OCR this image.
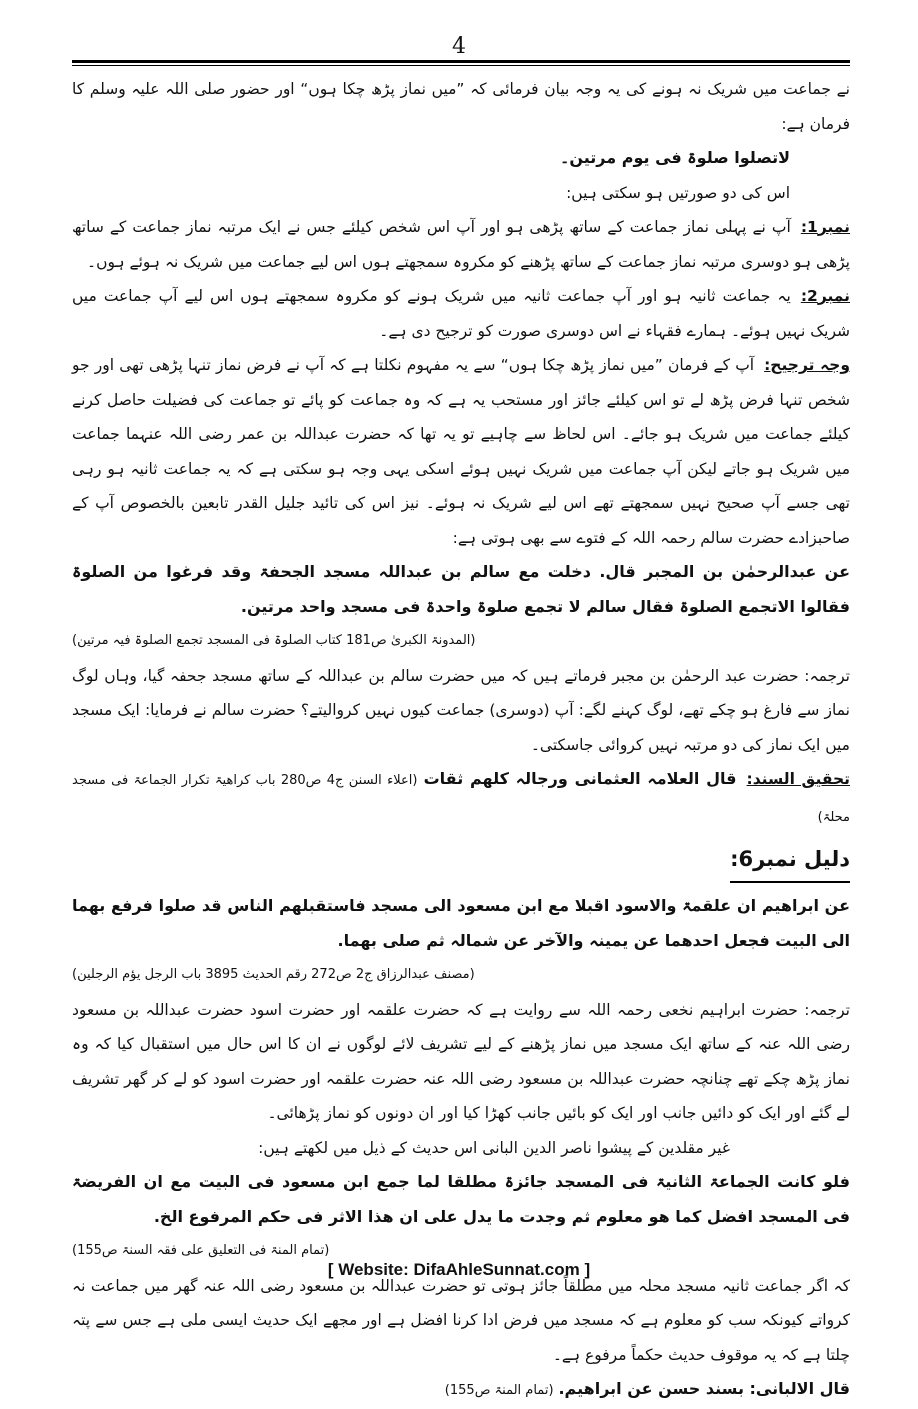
4

نے جماعت میں شریک نہ ہونے کی یہ وجہ بیان فرمائی کہ ”میں نماز پڑھ چکا ہوں“ اور حضور صلی اللہ علیہ وسلم کا فرمان ہے:

لاتصلوا صلوۃ فی یوم مرتین۔

اس کی دو صورتیں ہو سکتی ہیں:

نمبر1:آپ نے پہلی نماز جماعت کے ساتھ پڑھی ہو اور آپ اس شخص کیلئے جس نے ایک مرتبہ نماز جماعت کے ساتھ پڑھی ہو دوسری مرتبہ نماز جماعت کے ساتھ پڑھنے کو مکروہ سمجھتے ہوں اس لیے جماعت میں شریک نہ ہوئے ہوں۔

نمبر2:یہ جماعت ثانیہ ہو اور آپ جماعت ثانیہ میں شریک ہونے کو مکروہ سمجھتے ہوں اس لیے آپ جماعت میں شریک نہیں ہوئے۔ ہمارے فقہاء نے اس دوسری صورت کو ترجیح دی ہے۔

وجہ ترجیح:آپ کے فرمان ”میں نماز پڑھ چکا ہوں“ سے یہ مفہوم نکلتا ہے کہ آپ نے فرض نماز تنہا پڑھی تھی اور جو شخص تنہا فرض پڑھ لے تو اس کیلئے جائز اور مستحب یہ ہے کہ وہ جماعت کو پائے تو جماعت کی فضیلت حاصل کرنے کیلئے جماعت میں شریک ہو جائے۔ اس لحاظ سے چاہیے تو یہ تھا کہ حضرت عبداللہ بن عمر رضی اللہ عنہما جماعت میں شریک ہو جاتے لیکن آپ جماعت میں شریک نہیں ہوئے اسکی یہی وجہ ہو سکتی ہے کہ یہ جماعت ثانیہ ہو رہی تھی جسے آپ صحیح نہیں سمجھتے تھے اس لیے شریک نہ ہوئے۔ نیز اس کی تائید جلیل القدر تابعین بالخصوص آپ کے صاحبزادے حضرت سالم رحمہ اللہ کے فتوے سے بھی ہوتی ہے:

عن عبدالرحمٰن بن المجبر قال. دخلت مع سالم بن عبداللہ مسجد الجحفۃ وقد فرغوا من الصلوۃ فقالوا الاتجمع الصلوۃ فقال سالم لا تجمع صلوۃ واحدۃ فی مسجد واحد مرتین.

(المدونۃ الکبریٰ ص181 کتاب الصلوۃ فی المسجد تجمع الصلوۃ فیہ مرتین)

ترجمہ: حضرت عبد الرحمٰن بن مجبر فرماتے ہیں کہ میں حضرت سالم بن عبداللہ کے ساتھ مسجد جحفہ گیا، وہاں لوگ نماز سے فارغ ہو چکے تھے، لوگ کہنے لگے: آپ (دوسری) جماعت کیوں نہیں کروالیتے؟ حضرت سالم نے فرمایا: ایک مسجد میں ایک نماز کی دو مرتبہ نہیں کروائی جاسکتی۔

تحقیق السند:قال العلامہ العثمانی ورجالہ کلھم ثقات (اعلاء السنن ج4 ص280 باب کراھیۃ تکرار الجماعۃ فی مسجد محلۃ)

دلیل نمبر6:

عن ابراھیم ان علقمۃ والاسود اقبلا مع ابن مسعود الی مسجد فاستقبلھم الناس قد صلوا فرفع بھما الی البیت فجعل احدھما عن یمینہ والآخر عن شمالہ ثم صلی بھما.

(مصنف عبدالرزاق ج2 ص272 رقم الحدیث 3895 باب الرجل یؤم الرجلین)

ترجمہ: حضرت ابراہیم نخعی رحمہ اللہ سے روایت ہے کہ حضرت علقمہ اور حضرت اسود حضرت عبداللہ بن مسعود رضی اللہ عنہ کے ساتھ ایک مسجد میں نماز پڑھنے کے لیے تشریف لائے لوگوں نے ان کا اس حال میں استقبال کیا کہ وہ نماز پڑھ چکے تھے چنانچہ حضرت عبداللہ بن مسعود رضی اللہ عنہ حضرت علقمہ اور حضرت اسود کو لے کر گھر تشریف لے گئے اور ایک کو دائیں جانب اور ایک کو بائیں جانب کھڑا کیا اور ان دونوں کو نماز پڑھائی۔

غیر مقلدین کے پیشوا ناصر الدین البانی اس حدیث کے ذیل میں لکھتے ہیں:

فلو کانت الجماعۃ الثانیۃ فی المسجد جائزۃ مطلقا لما جمع ابن مسعود فی البیت مع ان الفریضۃ فی المسجد افضل کما ھو معلوم ثم وجدت ما یدل علی ان ھذا الاثر فی حکم المرفوع الخ.

(تمام المنۃ فی التعلیق علی فقہ السنۃ ص155)

کہ اگر جماعت ثانیہ مسجد محلہ میں مطلقاً جائز ہوتی تو حضرت عبداللہ بن مسعود رضی اللہ عنہ گھر میں جماعت نہ کرواتے کیونکہ سب کو معلوم ہے کہ مسجد میں فرض ادا کرنا افضل ہے اور مجھے ایک حدیث ایسی ملی ہے جس سے پتہ چلتا ہے کہ یہ موقوف حدیث حکماً مرفوع ہے۔

قال الالبانی: بسند حسن عن ابراھیم. (تمام المنۃ ص155)

[ Website: DifaAhleSunnat.com ]
